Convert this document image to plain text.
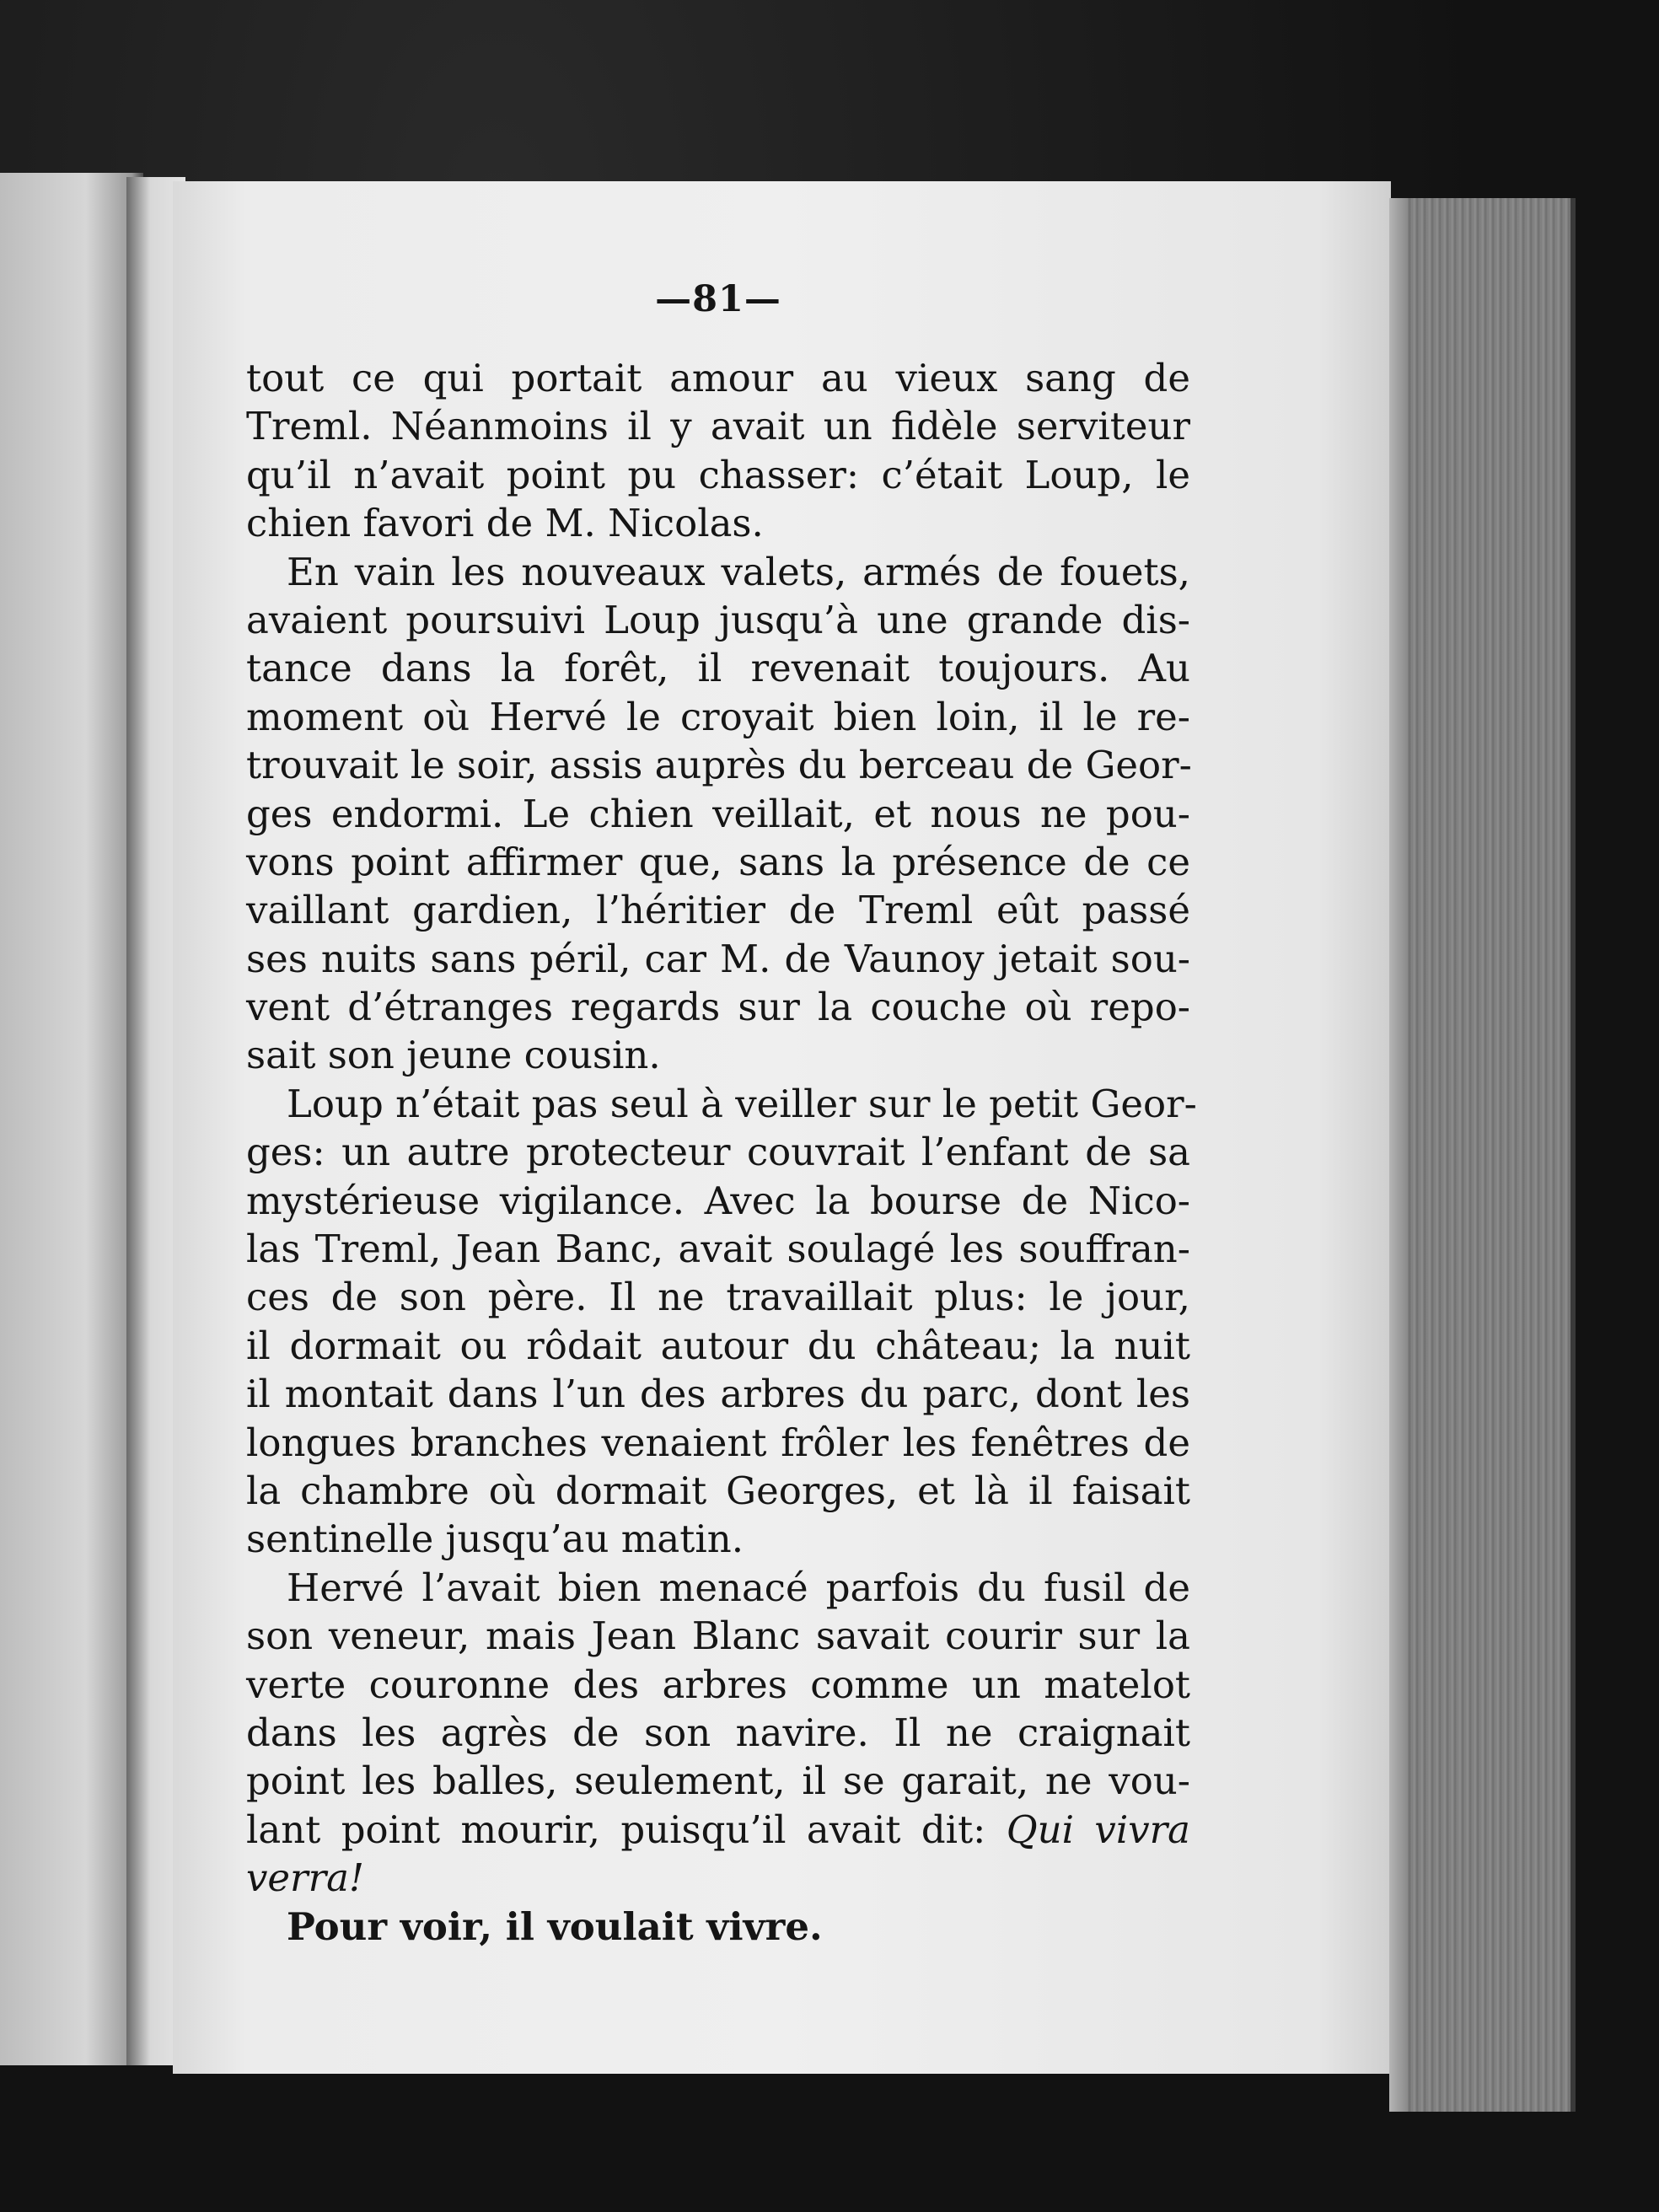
—81—
tout ce qui portait amour au vieux sang de
Treml. Néanmoins il y avait un fidèle serviteur
qu’il n’avait point pu chasser: c’était Loup, le
chien favori de M. Nicolas.
En vain les nouveaux valets, armés de fouets,
avaient poursuivi Loup jusqu’à une grande dis-
tance dans la forêt, il revenait toujours. Au
moment où Hervé le croyait bien loin, il le re-
trouvait le soir, assis auprès du berceau de Geor-
ges endormi. Le chien veillait, et nous ne pou-
vons point affirmer que, sans la présence de ce
vaillant gardien, l’héritier de Treml eût passé
ses nuits sans péril, car M. de Vaunoy jetait sou-
vent d’étranges regards sur la couche où repo-
sait son jeune cousin.
Loup n’était pas seul à veiller sur le petit Geor-
ges: un autre protecteur couvrait l’enfant de sa
mystérieuse vigilance. Avec la bourse de Nico-
las Treml, Jean Banc, avait soulagé les souffran-
ces de son père. Il ne travaillait plus: le jour,
il dormait ou rôdait autour du château; la nuit
il montait dans l’un des arbres du parc, dont les
longues branches venaient frôler les fenêtres de
la chambre où dormait Georges, et là il faisait
sentinelle jusqu’au matin.
Hervé l’avait bien menacé parfois du fusil de
son veneur, mais Jean Blanc savait courir sur la
verte couronne des arbres comme un matelot
dans les agrès de son navire. Il ne craignait
point les balles, seulement, il se garait, ne vou-
lant point mourir, puisqu’il avait dit: Qui vivra
verra!
Pour voir, il voulait vivre.
